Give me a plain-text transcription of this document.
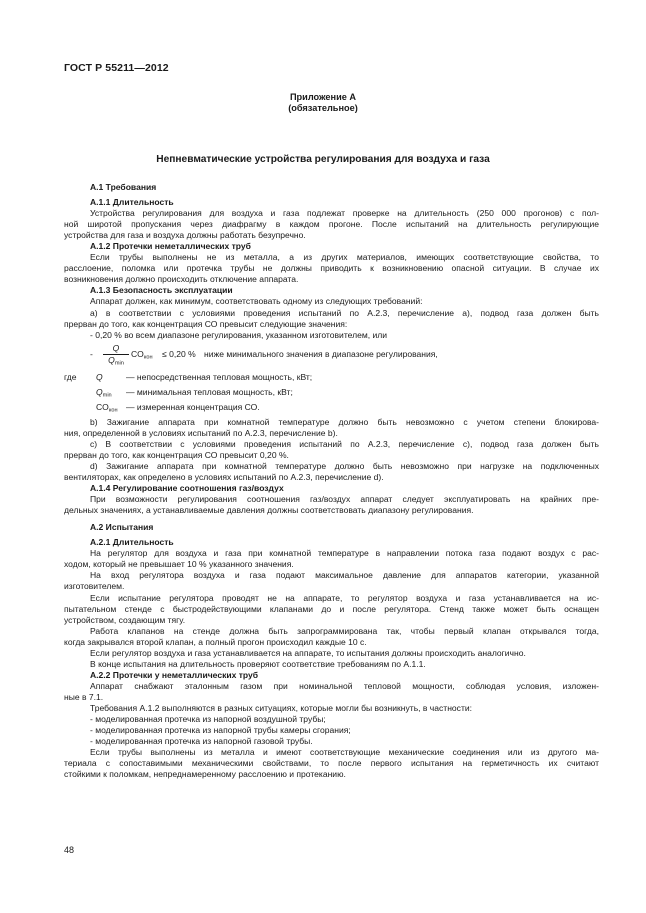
ГОСТ Р 55211—2012
Приложение А
(обязательное)
Непневматические устройства регулирования для воздуха и газа

А.1 Требования

А.1.1 Длительность

Устройства регулирования для воздуха и газа подлежат проверке на длительность (250 000 прогонов) с пол-

ной широтой пропускания через диафрагму в каждом прогоне. После испытаний на длительность регулирующие

устройства для газа и воздуха должны работать безупречно.

А.1.2 Протечки неметаллических труб

Если трубы выполнены не из металла, а из других материалов, имеющих соответствующие свойства, то

расслоение, поломка или протечка трубы не должны приводить к возникновению опасной ситуации. В случае их

возникновения должно происходить отключение аппарата.

А.1.3 Безопасность эксплуатации

Аппарат должен, как минимум, соответствовать одному из следующих требований:

а) в соответствии с условиями проведения испытаний по А.2.3, перечисление а), подвод газа должен быть

прерван до того, как концентрация СО превысит следующие значения:

- 0,20 % во всем диапазоне регулирования, указанном изготовителем, или

-
Q
$Q_{min}$
$CO_{кон} \le 0,20$ % ниже минимального значения в диапазоне регулирования,
где Q	— непосредственная тепловая мощность, кВт;
$Q_{min}$ — минимальная тепловая мощность, кВт;
$CO_{кон}$ — измеренная концентрация СО.

b) Зажигание аппарата при комнатной температуре должно быть невозможно с учетом степени блокирова-

ния, определенной в условиях испытаний по А.2.3, перечисление b).

c) В соответствии с условиями проведения испытаний по А.2.3, перечисление с), подвод газа должен быть

прерван до того, как концентрация СО превысит 0,20 %.

d) Зажигание аппарата при комнатной температуре должно быть невозможно при нагрузке на подключенных

вентиляторах, как определено в условиях испытаний по А.2.3, перечисление d).

А.1.4 Регулирование соотношения газ/воздух

При возможности регулирования соотношения газ/воздух аппарат следует эксплуатировать на крайних пре-

дельных значениях, а устанавливаемые давления должны соответствовать диапазону регулирования.

А.2 Испытания

А.2.1 Длительность

На регулятор для воздуха и газа при комнатной температуре в направлении потока газа подают воздух с рас-

ходом, который не превышает 10 % указанного значения.

На вход регулятора воздуха и газа подают максимальное давление для аппаратов категории, указанной

изготовителем.

Если испытание регулятора проводят не на аппарате, то регулятор воздуха и газа устанавливается на ис-

пытательном стенде с быстродействующими клапанами до и после регулятора. Стенд также может быть оснащен

устройством, создающим тягу.

Работа клапанов на стенде должна быть запрограммирована так, чтобы первый клапан открывался тогда,

когда закрывался второй клапан, а полный прогон происходил каждые 10 с.

Если регулятор воздуха и газа устанавливается на аппарате, то испытания должны происходить аналогично.

В конце испытания на длительность проверяют соответствие требованиям по А.1.1.

А.2.2 Протечки у неметаллических труб

Аппарат снабжают эталонным газом при номинальной тепловой мощности, соблюдая условия, изложен-

ные в 7.1.

Требования А.1.2 выполняются в разных ситуациях, которые могли бы возникнуть, в частности:

- моделированная протечка из напорной воздушной трубы;

- моделированная протечка из напорной трубы камеры сгорания;

- моделированная протечка из напорной газовой трубы.

Если трубы выполнены из металла и имеют соответствующие механические соединения или из другого ма-

териала с сопоставимыми механическими свойствами, то после первого испытания на герметичность их считают

стойкими к поломкам, непреднамеренному расслоению и протеканию.

48
